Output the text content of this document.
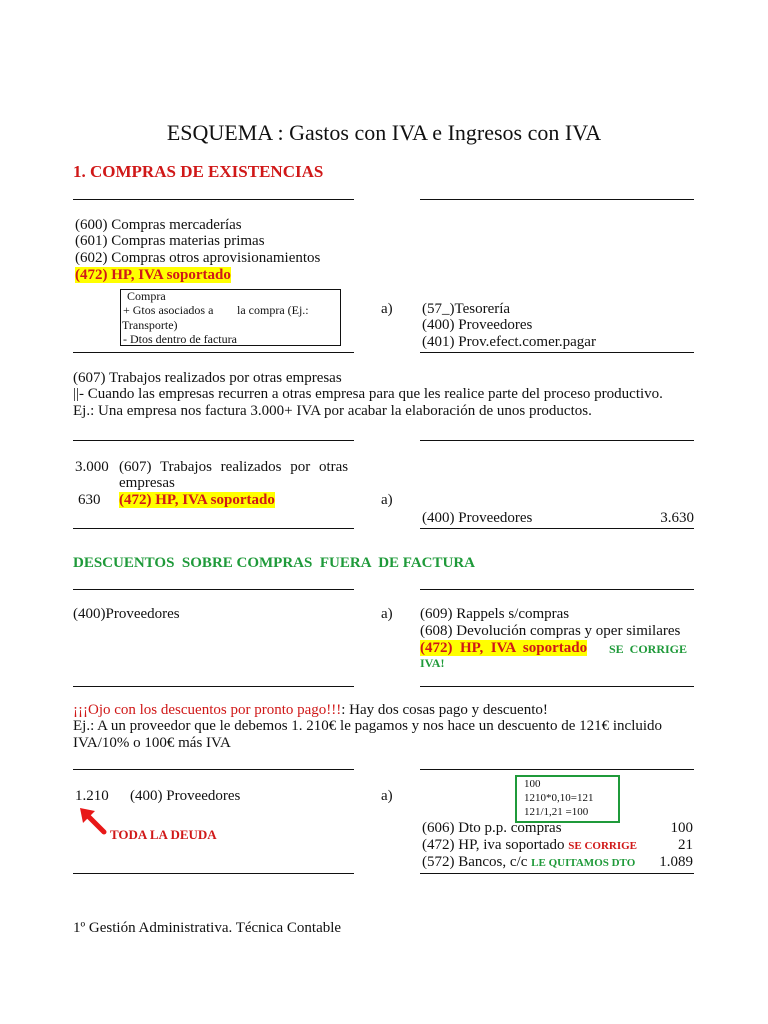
ESQUEMA : Gastos con IVA e Ingresos con IVA
1. COMPRAS DE EXISTENCIAS
(600) Compras mercaderías
(601) Compras materias primas
(602) Compras otros aprovisionamientos
(472) HP, IVA soportado
Compra
+ Gtos asociados a la compra (Ej.:
Transporte)
- Dtos dentro de factura
a) (57_)Tesorería
(400) Proveedores
(401) Prov.efect.comer.pagar
(607) Trabajos realizados por otras empresas
||- Cuando las empresas recurren a otras empresa para que les realice parte del proceso productivo.
Ej.: Una empresa nos factura 3.000+ IVA por acabar la elaboración de unos productos.
3.000 (607) Trabajos realizados por otras
empresas
630 (472) HP, IVA soportado	a)
(400) Proveedores	3.630
DESCUENTOS  SOBRE COMPRAS  FUERA  DE FACTURA
(400)Proveedores	a) (609) Rappels s/compras
(608) Devolución compras y oper similares
(472)  HP,  IVA  soportado SE  CORRIGE
IVA!
¡¡¡Ojo con los descuentos por pronto pago!!!: Hay dos cosas pago y descuento!
Ej.: A un proveedor que le debemos 1. 210€ le pagamos y nos hace un descuento de 121€ incluido
IVA/10% o 100€ más IVA
1.210 (400) Proveedores	a)
TODA LA DEUDA
100
1210*0,10=121
121/1,21 =100
(606) Dto p.p. compras	100
(472) HP, iva soportado SE CORRIGE	21
(572) Bancos, c/c LE QUITAMOS DTO	1.089
1º Gestión Administrativa. Técnica Contable
